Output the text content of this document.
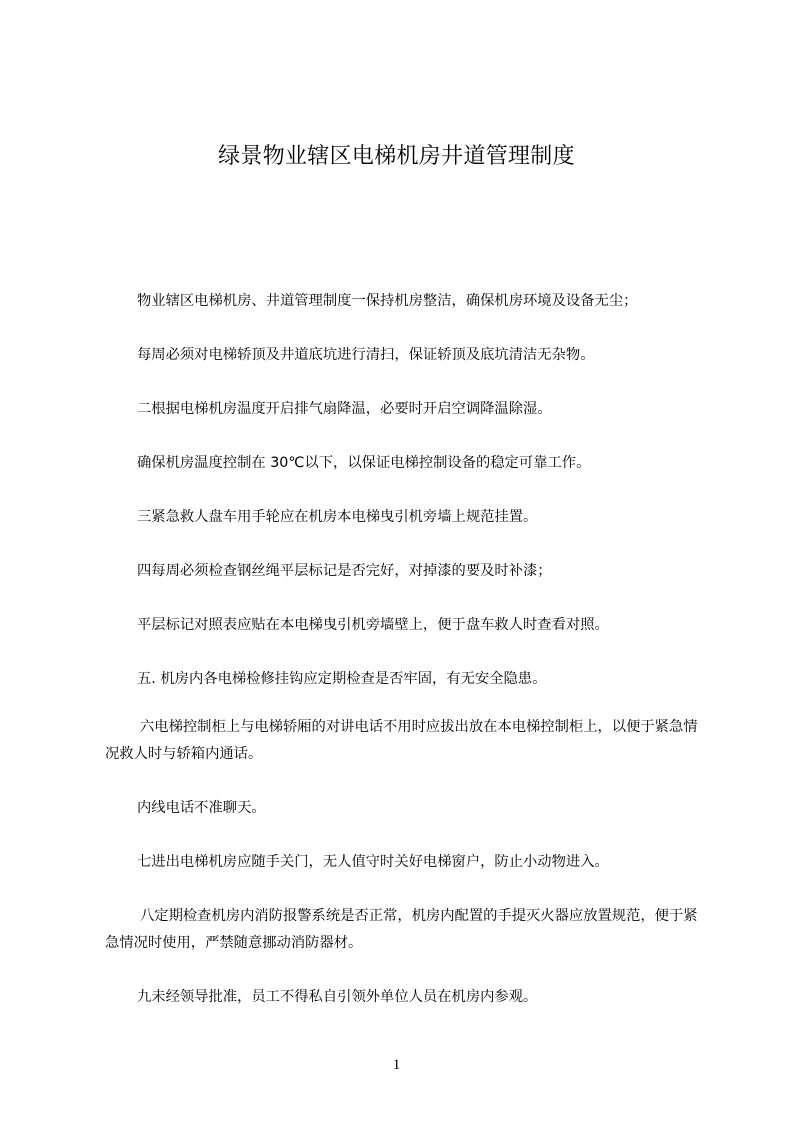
绿景物业辖区电梯机房井道管理制度

物业辖区电梯机房、井道管理制度一保持机房整洁，确保机房环境及设备无尘；

每周必须对电梯轿顶及井道底坑进行清扫，保证轿顶及底坑清洁无杂物。

二根据电梯机房温度开启排气扇降温，必要时开启空调降温除湿。

确保机房温度控制在 30℃以下，以保证电梯控制设备的稳定可靠工作。

三紧急救人盘车用手轮应在机房本电梯曳引机旁墙上规范挂置。

四每周必须检查钢丝绳平层标记是否完好，对掉漆的要及时补漆；

平层标记对照表应贴在本电梯曳引机旁墙壁上，便于盘车救人时查看对照。

五. 机房内各电梯检修挂钩应定期检查是否牢固，有无安全隐患。

六电梯控制柜上与电梯轿厢的对讲电话不用时应拔出放在本电梯控制柜上，以便于紧急情况救人时与轿箱内通话。

内线电话不准聊天。

七进出电梯机房应随手关门，无人值守时关好电梯窗户，防止小动物进入。

八定期检查机房内消防报警系统是否正常，机房内配置的手提灭火器应放置规范，便于紧急情况时使用，严禁随意挪动消防器材。

九未经领导批准，员工不得私自引领外单位人员在机房内参观。

1
